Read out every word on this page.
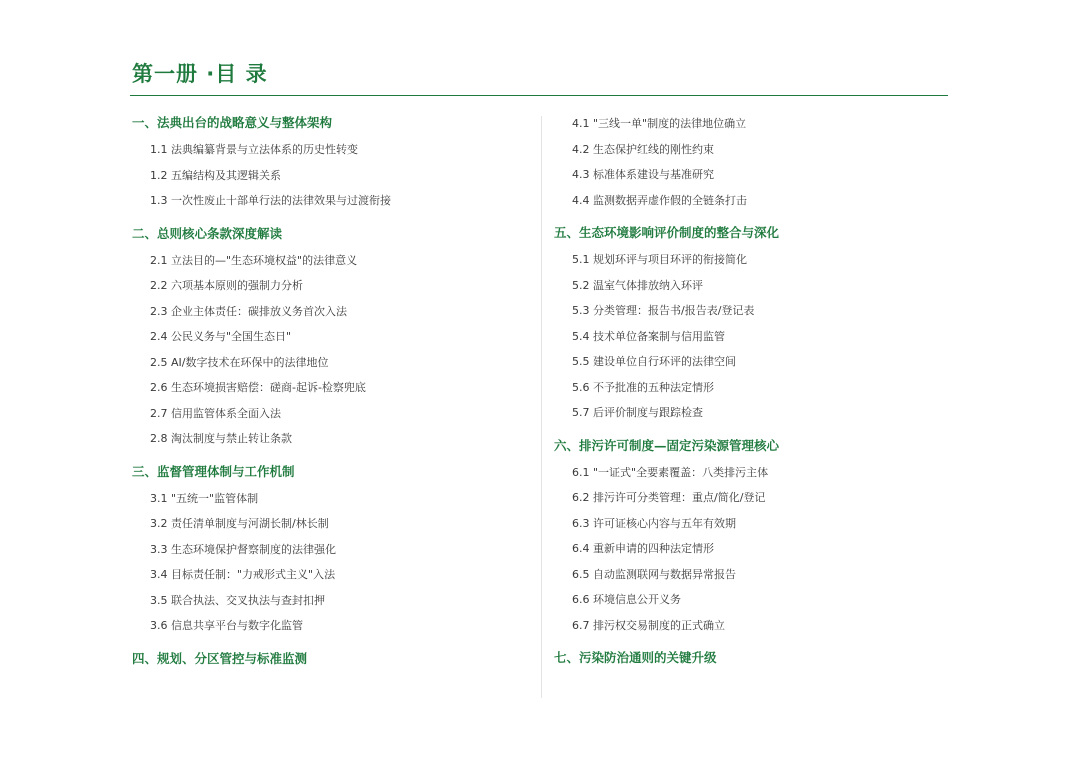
第一册 ·目 录
一、法典出台的战略意义与整体架构
1.1 法典编纂背景与立法体系的历史性转变
1.2 五编结构及其逻辑关系
1.3 一次性废止十部单行法的法律效果与过渡衔接
二、总则核心条款深度解读
2.1 立法目的—"生态环境权益"的法律意义
2.2 六项基本原则的强制力分析
2.3 企业主体责任：碳排放义务首次入法
2.4 公民义务与"全国生态日"
2.5 AI/数字技术在环保中的法律地位
2.6 生态环境损害赔偿：磋商-起诉-检察兜底
2.7 信用监管体系全面入法
2.8 淘汰制度与禁止转让条款
三、监督管理体制与工作机制
3.1 "五统一"监管体制
3.2 责任清单制度与河湖长制/林长制
3.3 生态环境保护督察制度的法律强化
3.4 目标责任制："力戒形式主义"入法
3.5 联合执法、交叉执法与查封扣押
3.6 信息共享平台与数字化监管
四、规划、分区管控与标准监测
4.1 "三线一单"制度的法律地位确立
4.2 生态保护红线的刚性约束
4.3 标准体系建设与基准研究
4.4 监测数据弄虚作假的全链条打击
五、生态环境影响评价制度的整合与深化
5.1 规划环评与项目环评的衔接简化
5.2 温室气体排放纳入环评
5.3 分类管理：报告书/报告表/登记表
5.4 技术单位备案制与信用监管
5.5 建设单位自行环评的法律空间
5.6 不予批准的五种法定情形
5.7 后评价制度与跟踪检查
六、排污许可制度—固定污染源管理核心
6.1 "一证式"全要素覆盖：八类排污主体
6.2 排污许可分类管理：重点/简化/登记
6.3 许可证核心内容与五年有效期
6.4 重新申请的四种法定情形
6.5 自动监测联网与数据异常报告
6.6 环境信息公开义务
6.7 排污权交易制度的正式确立
七、污染防治通则的关键升级
